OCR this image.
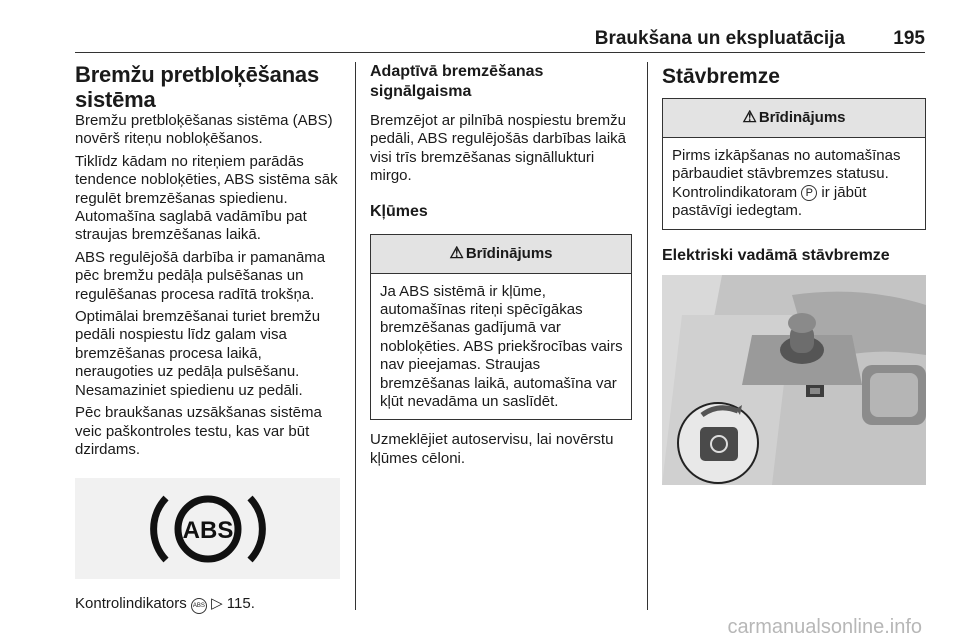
Braukšana un ekspluatācija	195
Bremžu pretbloķēšanas sistēma

Bremžu pretbloķēšanas sistēma (ABS) novērš riteņu nobloķēšanos.

Tiklīdz kādam no riteņiem parādās tendence nobloķēties, ABS sistēma sāk regulēt bremzēšanas spiedienu. Automašīna saglabā vadāmību pat straujas bremzēšanas laikā.

ABS regulējošā darbība ir pamanāma pēc bremžu pedāļa pulsēšanas un regulēšanas procesa radītā trokšņa.

Optimālai bremzēšanai turiet bremžu pedāli nospiestu līdz galam visa bremzēšanas procesa laikā, neraugoties uz pedāļa pulsēšanu. Nesamaziniet spiedienu uz pedāli.

Pēc braukšanas uzsākšanas sistēma veic paškontroles testu, kas var būt dzirdams.

ABS

Kontrolindikators ABS ▷ 115.

Adaptīvā bremzēšanas signālgaisma

Bremzējot ar pilnībā nospiestu bremžu pedāli, ABS regulējošās darbības laikā visi trīs bremzēšanas signāllukturi mirgo.

Kļūmes
⚠ Brīdinājums
Ja ABS sistēmā ir kļūme, automašīnas riteņi spēcīgākas bremzēšanas gadījumā var nobloķēties. ABS priekšrocības vairs nav pieejamas. Straujas bremzēšanas laikā, automašīna var kļūt nevadāma un saslīdēt.

Uzmeklējiet autoservisu, lai novērstu kļūmes cēloni.

Stāvbremze
⚠ Brīdinājums
Pirms izkāpšanas no automašīnas pārbaudiet stāvbremzes statusu. Kontrolindikatoram P ir jābūt pastāvīgi iedegtam.
Elektriski vadāmā stāvbremze
carmanualsonline.info
